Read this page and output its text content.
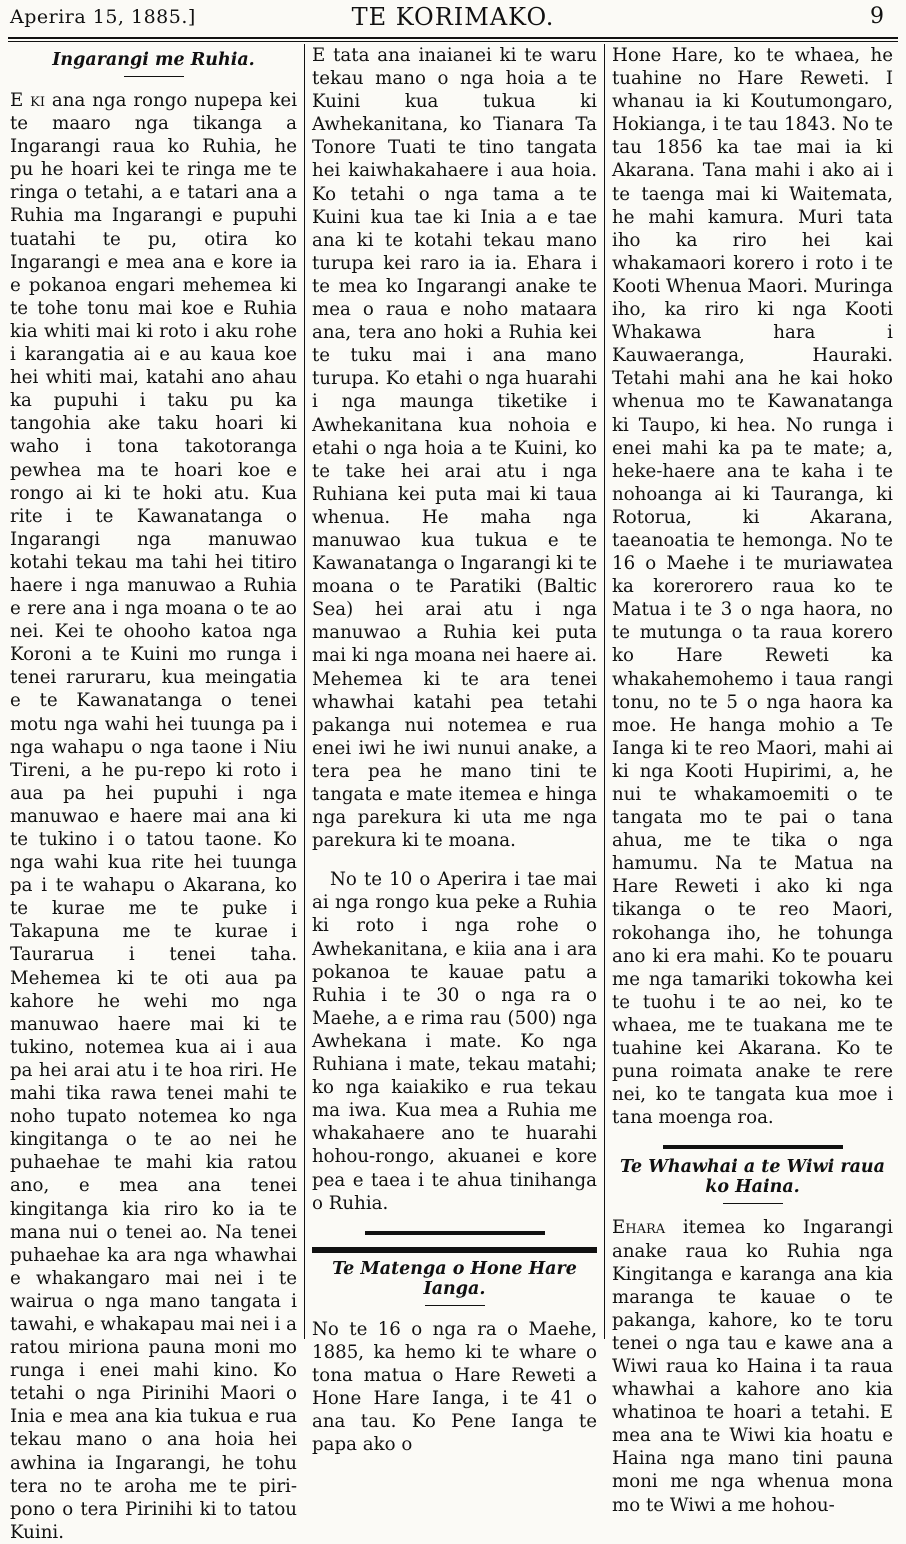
Aperira 15, 1885.]	TE KORIMAKO.	9
Ingarangi me Ruhia.

E ki ana nga rongo nupepa kei te maaro nga tikanga a Ingarangi raua ko Ruhia, he pu he hoari kei te ringa me te ringa o tetahi, a e tatari ana a Ruhia ma Ingarangi e pupuhi tuatahi te pu, otira ko Ingarangi e mea ana e kore ia e pokanoa engari mehemea ki te tohe tonu mai koe e Ruhia kia whiti mai ki roto i aku rohe i karangatia ai e au kaua koe hei whiti mai, katahi ano ahau ka pupuhi i taku pu ka tangohia ake taku hoari ki waho i tona takotoranga pewhea ma te hoari koe e rongo ai ki te hoki atu. Kua rite i te Kawanatanga o Ingarangi nga manuwao kotahi tekau ma tahi hei titiro haere i nga manuwao a Ruhia e rere ana i nga moana o te ao nei. Kei te ohooho katoa nga Koroni a te Kuini mo runga i tenei raruraru, kua meingatia e te Kawanatanga o tenei motu nga wahi hei tuunga pa i nga wahapu o nga taone i Niu Tireni, a he pu-repo ki roto i aua pa hei pupuhi i nga manuwao e haere mai ana ki te tukino i o tatou taone. Ko nga wahi kua rite hei tuunga pa i te wahapu o Akarana, ko te kurae me te puke i Takapuna me te kurae i Taurarua i tenei taha. Mehemea ki te oti aua pa kahore he wehi mo nga manuwao haere mai ki te tukino, notemea kua ai i aua pa hei arai atu i te hoa riri. He mahi tika rawa tenei mahi te noho tupato notemea ko nga kingitanga o te ao nei he puhaehae te mahi kia ratou ano, e mea ana tenei kingitanga kia riro ko ia te mana nui o tenei ao. Na tenei puhaehae ka ara nga whawhai e whakangaro mai nei i te wairua o nga mano tangata i tawahi, e whakapau mai nei i a ratou miriona pauna moni mo runga i enei mahi kino. Ko tetahi o nga Pirinihi Maori o Inia e mea ana kia tukua e rua tekau mano o ana hoia hei awhina ia Ingarangi, he tohu tera no te aroha me te piri-pono o tera Pirinihi ki to tatou Kuini.

E tata ana inaianei ki te waru tekau mano o nga hoia a te Kuini kua tukua ki Awhekanitana, ko Tianara Ta Tonore Tuati te tino tangata hei kaiwhakahaere i aua hoia. Ko tetahi o nga tama a te Kuini kua tae ki Inia a e tae ana ki te kotahi tekau mano turupa kei raro ia ia. Ehara i te mea ko Ingarangi anake te mea o raua e noho mataara ana, tera ano hoki a Ruhia kei te tuku mai i ana mano turupa. Ko etahi o nga huarahi i nga maunga tiketike i Awhekanitana kua nohoia e etahi o nga hoia a te Kuini, ko te take hei arai atu i nga Ruhiana kei puta mai ki taua whenua. He maha nga manuwao kua tukua e te Kawanatanga o Ingarangi ki te moana o te Paratiki (Baltic Sea) hei arai atu i nga manuwao a Ruhia kei puta mai ki nga moana nei haere ai. Mehemea ki te ara tenei whawhai katahi pea tetahi pakanga nui notemea e rua enei iwi he iwi nunui anake, a tera pea he mano tini te tangata e mate itemea e hinga nga parekura ki uta me nga parekura ki te moana.

No te 10 o Aperira i tae mai ai nga rongo kua peke a Ruhia ki roto i nga rohe o Awhekanitana, e kiia ana i ara pokanoa te kauae patu a Ruhia i te 30 o nga ra o Maehe, a e rima rau (500) nga Awhekana i mate. Ko nga Ruhiana i mate, tekau matahi; ko nga kaiakiko e rua tekau ma iwa. Kua mea a Ruhia me whakahaere ano te huarahi hohou-rongo, akuanei e kore pea e taea i te ahua tinihanga o Ruhia.

Te Matenga o Hone Hare Ianga.

No te 16 o nga ra o Maehe, 1885, ka hemo ki te whare o tona matua o Hare Reweti a Hone Hare Ianga, i te 41 o ana tau. Ko Pene Ianga te papa ako o

Hone Hare, ko te whaea, he tuahine no Hare Reweti. I whanau ia ki Koutumongaro, Hokianga, i te tau 1843. No te tau 1856 ka tae mai ia ki Akarana. Tana mahi i ako ai i te taenga mai ki Waitemata, he mahi kamura. Muri tata iho ka riro hei kai whakamaori korero i roto i te Kooti Whenua Maori. Muringa iho, ka riro ki nga Kooti Whakawa hara i Kauwaeranga, Hauraki. Tetahi mahi ana he kai hoko whenua mo te Kawanatanga ki Taupo, ki hea. No runga i enei mahi ka pa te mate; a, heke-haere ana te kaha i te nohoanga ai ki Tauranga, ki Rotorua, ki Akarana, taeanoatia te hemonga. No te 16 o Maehe i te muriawatea ka korerorero raua ko te Matua i te 3 o nga haora, no te mutunga o ta raua korero ko Hare Reweti ka whakahemohemo i taua rangi tonu, no te 5 o nga haora ka moe. He hanga mohio a Te Ianga ki te reo Maori, mahi ai ki nga Kooti Hupirimi, a, he nui te whakamoemiti o te tangata mo te pai o tana ahua, me te tika o nga hamumu. Na te Matua na Hare Reweti i ako ki nga tikanga o te reo Maori, rokohanga iho, he tohunga ano ki era mahi. Ko te pouaru me nga tamariki tokowha kei te tuohu i te ao nei, ko te whaea, me te tuakana me te tuahine kei Akarana. Ko te puna roimata anake te rere nei, ko te tangata kua moe i tana moenga roa.

Te Whawhai a te Wiwi raua ko Haina.

Ehara itemea ko Ingarangi anake raua ko Ruhia nga Kingitanga e karanga ana kia maranga te kauae o te pakanga, kahore, ko te toru tenei o nga tau e kawe ana a Wiwi raua ko Haina i ta raua whawhai a kahore ano kia whatinoa te hoari a tetahi. E mea ana te Wiwi kia hoatu e Haina nga mano tini pauna moni me nga whenua mona mo te Wiwi a me hohou-
